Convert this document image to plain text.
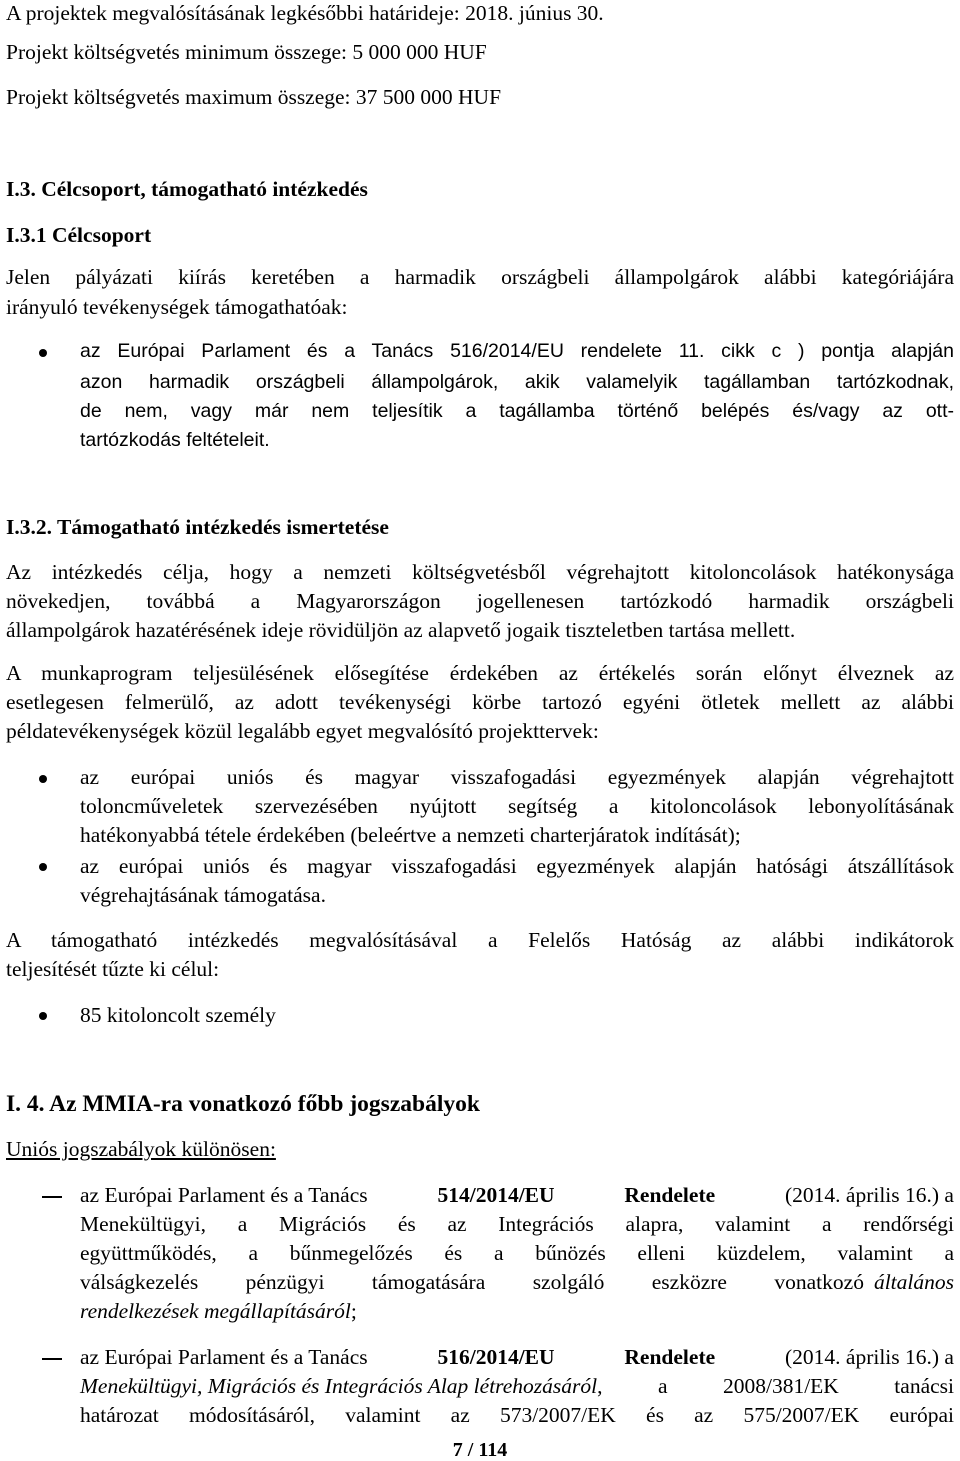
A projektek megvalósításának legkésőbbi határideje: 2018. június 30.
Projekt költségvetés minimum összege: 5 000 000 HUF
Projekt költségvetés maximum összege: 37 500 000 HUF
I.3. Célcsoport, támogatható intézkedés
I.3.1 Célcsoport
Jelen pályázati kiírás keretében a harmadik országbeli állampolgárok alábbi kategóriájára
irányuló tevékenységek támogathatóak:
az Európai Parlament és a Tanács 516/2014/EU rendelete 11. cikk c ) pontja alapján
azon harmadik országbeli állampolgárok, akik valamelyik tagállamban tartózkodnak,
de nem, vagy már nem teljesítik a tagállamba történő belépés és/vagy az ott-
tartózkodás feltételeit.
I.3.2. Támogatható intézkedés ismertetése
Az intézkedés célja, hogy a nemzeti költségvetésből végrehajtott kitoloncolások hatékonysága
növekedjen, továbbá a Magyarországon jogellenesen tartózkodó harmadik országbeli
állampolgárok hazatérésének ideje rövidüljön az alapvető jogaik tiszteletben tartása mellett.
A munkaprogram teljesülésének elősegítése érdekében az értékelés során előnyt élveznek az
esetlegesen felmerülő, az adott tevékenységi körbe tartozó egyéni ötletek mellett az alábbi
példatevékenységek közül legalább egyet megvalósító projekttervek:
az európai uniós és magyar visszafogadási egyezmények alapján végrehajtott
toloncműveletek szervezésében nyújtott segítség a kitoloncolások lebonyolításának
hatékonyabbá tétele érdekében (beleértve a nemzeti charterjáratok indítását);
az európai uniós és magyar visszafogadási egyezmények alapján hatósági átszállítások
végrehajtásának támogatása.
A támogatható intézkedés megvalósításával a Felelős Hatóság az alábbi indikátorok
teljesítését tűzte ki célul:
85 kitoloncolt személy
I. 4. Az MMIA-ra vonatkozó főbb jogszabályok
Uniós jogszabályok különösen:
az Európai Parlament és a Tanács	514/2014/EU	Rendelete	(2014. április 16.) a
Menekültügyi, a Migrációs és az Integrációs alapra, valamint a rendőrségi
együttműködés, a bűnmegelőzés és a bűnözés elleni küzdelem, valamint a
válságkezelés pénzügyi támogatására szolgáló eszközre vonatkozó általános
rendelkezések megállapításáról;
az Európai Parlament és a Tanács	516/2014/EU	Rendelete	(2014. április 16.) a
Menekültügyi, Migrációs és Integrációs Alap létrehozásáról , a 2008/381/EK tanácsi
határozat módosításáról, valamint az 573/2007/EK és az 575/2007/EK európai
7 / 114
